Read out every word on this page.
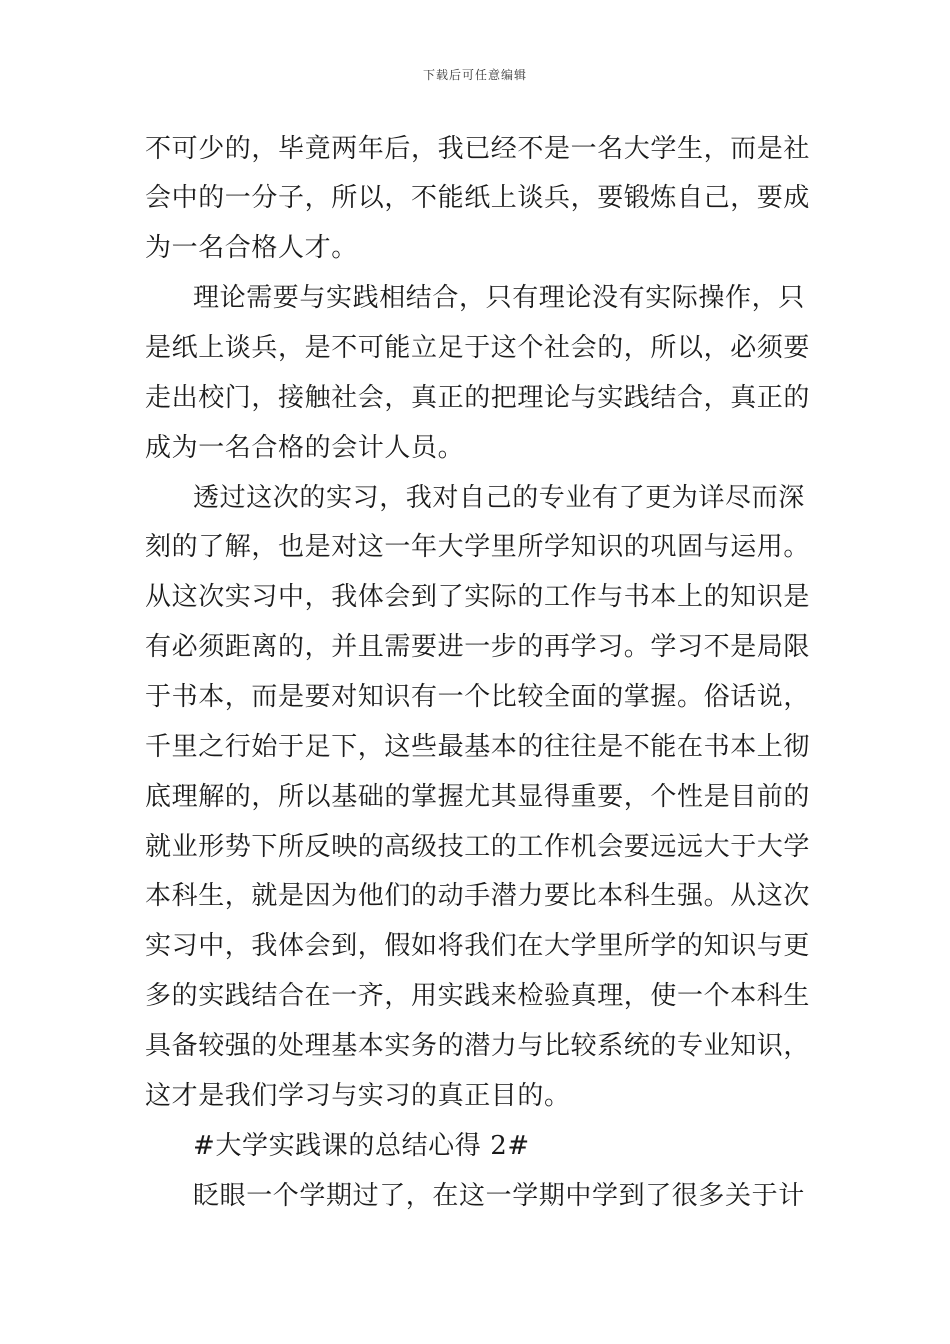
下载后可任意编辑
不可少的，毕竟两年后，我已经不是一名大学生，而是社
会中的一分子，所以，不能纸上谈兵，要锻炼自己，要成
为一名合格人才。
理论需要与实践相结合，只有理论没有实际操作，只
是纸上谈兵，是不可能立足于这个社会的，所以，必须要
走出校门，接触社会，真正的把理论与实践结合，真正的
成为一名合格的会计人员。
透过这次的实习，我对自己的专业有了更为详尽而深
刻的了解，也是对这一年大学里所学知识的巩固与运用。
从这次实习中，我体会到了实际的工作与书本上的知识是
有必须距离的，并且需要进一步的再学习。学习不是局限
于书本，而是要对知识有一个比较全面的掌握。俗话说，
千里之行始于足下，这些最基本的往往是不能在书本上彻
底理解的，所以基础的掌握尤其显得重要，个性是目前的
就业形势下所反映的高级技工的工作机会要远远大于大学
本科生，就是因为他们的动手潜力要比本科生强。从这次
实习中，我体会到，假如将我们在大学里所学的知识与更
多的实践结合在一齐，用实践来检验真理，使一个本科生
具备较强的处理基本实务的潜力与比较系统的专业知识，
这才是我们学习与实习的真正目的。
#大学实践课的总结心得 2#
眨眼一个学期过了，在这一学期中学到了很多关于计
